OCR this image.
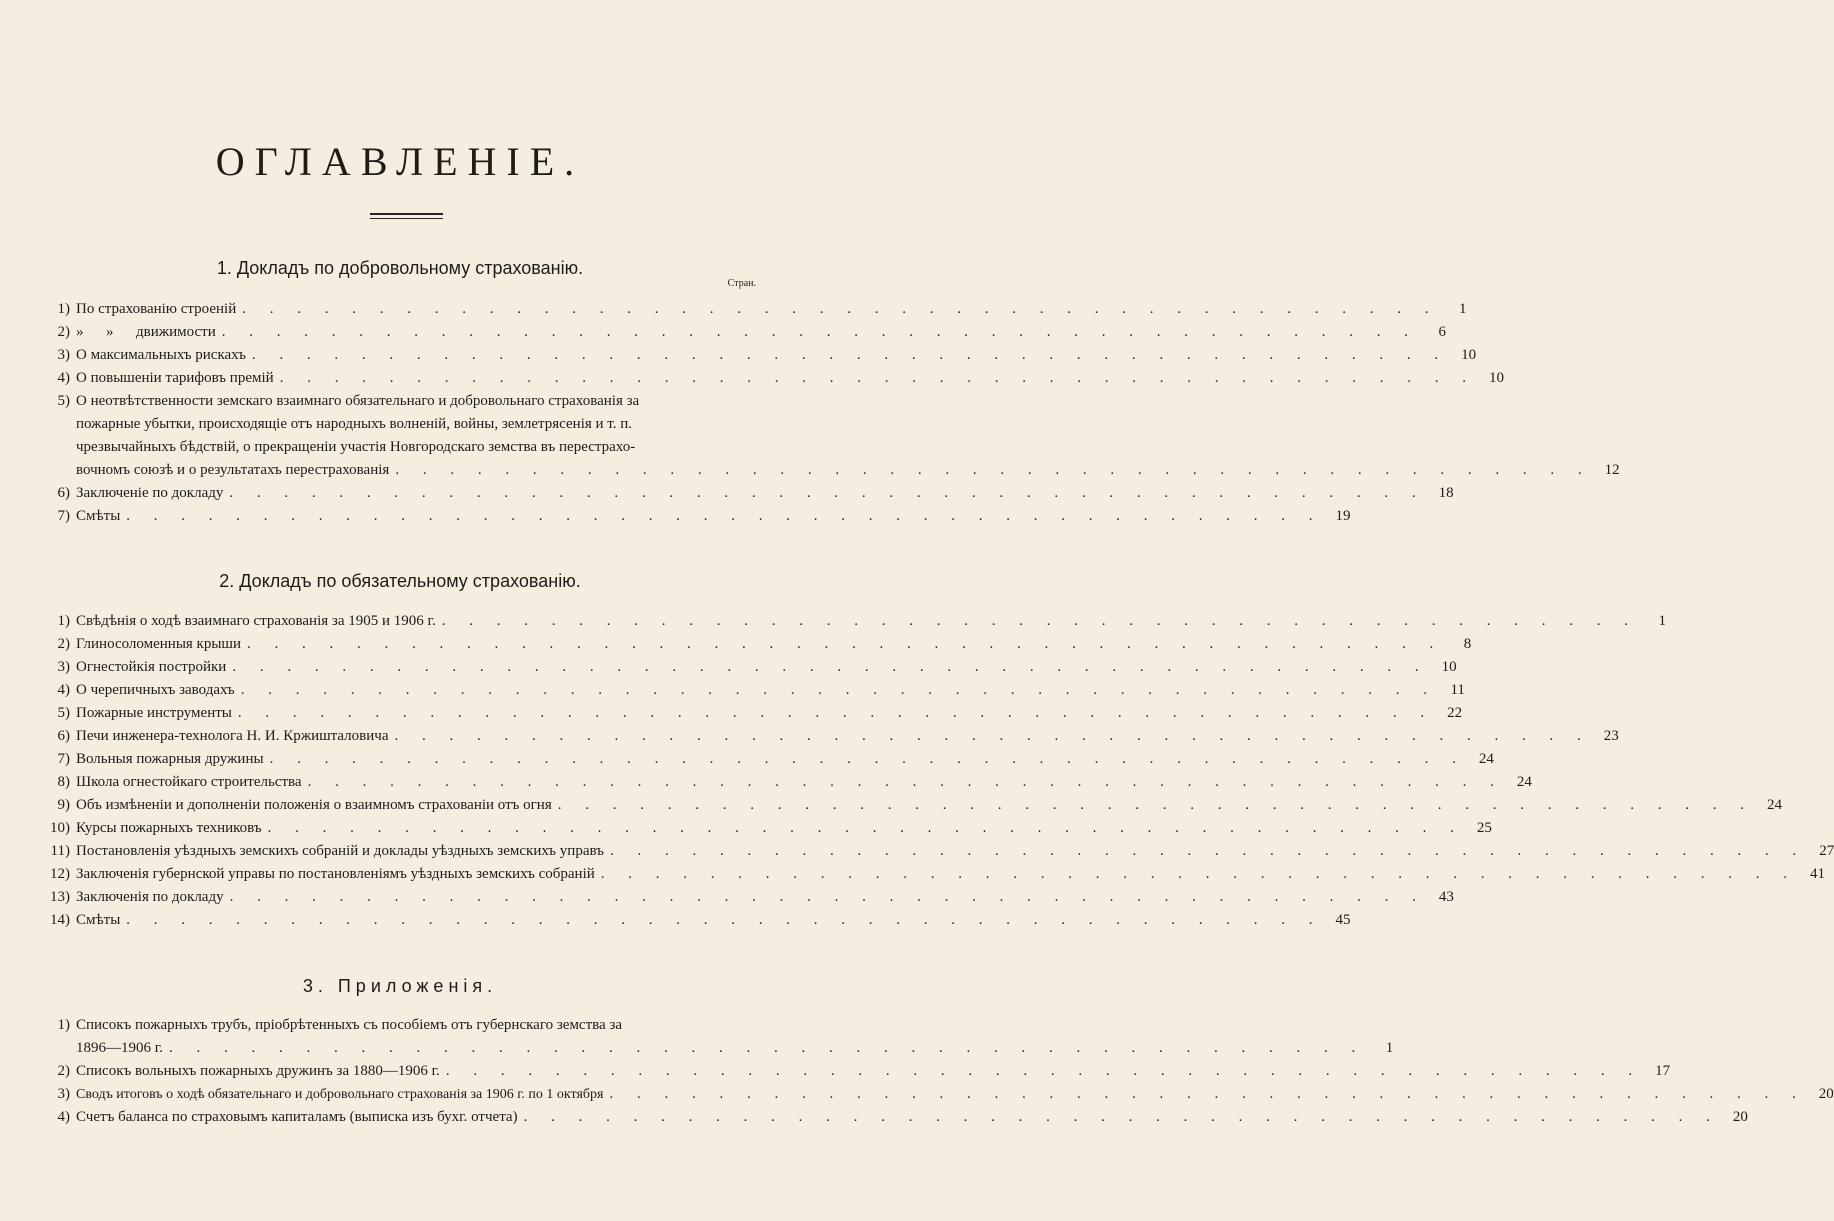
ОГЛАВЛЕНІЕ.
1. Докладъ по добровольному страхованію.
Стран.
1) По страхованію строеній . . . . . . . . . . . . . . . . . . . . . . . . . . . . . . . . . . . . . . . . . . . .	1
2) »      »      движимости . . . . . . . . . . . . . . . . . . . . . . . . . . . . . . . . . . . . . . . . . . . .	6
3) О максимальныхъ рискахъ . . . . . . . . . . . . . . . . . . . . . . . . . . . . . . . . . . . . . . . . . . . . 10
4) О повышеніи тарифовъ премій . . . . . . . . . . . . . . . . . . . . . . . . . . . . . . . . . . . . . . . . . . . . 10
5) О неотвѣтственности земскаго взаимнаго обязательнаго и добровольнаго страхованія за
пожарные убытки, происходящіе отъ народныхъ волненій, войны, землетрясенія и т. п.
чрезвычайныхъ бѣдствій, о прекращеніи участія Новгородскаго земства въ перестрахо-
вочномъ союзѣ и о результатахъ перестрахованія . . . . . . . . . . . . . . . . . . . . . . . . . . . . . . . . . . . . . . . . . . . . 12
6) Заключеніе по докладу . . . . . . . . . . . . . . . . . . . . . . . . . . . . . . . . . . . . . . . . . . . . 18
7) Смѣты . . . . . . . . . . . . . . . . . . . . . . . . . . . . . . . . . . . . . . . . . . . . 19
2. Докладъ по обязательному страхованію.
1) Свѣдѣнія о ходѣ взаимнаго страхованія за 1905 и 1906 г. . . . . . . . . . . . . . . . . . . . . . . . . . . . . . . . . . . . . . . . . . . . .	1
2) Глиносоломенныя крыши . . . . . . . . . . . . . . . . . . . . . . . . . . . . . . . . . . . . . . . . . . . .	8
3) Огнестойкія постройки . . . . . . . . . . . . . . . . . . . . . . . . . . . . . . . . . . . . . . . . . . . . 10
4) О черепичныхъ заводахъ . . . . . . . . . . . . . . . . . . . . . . . . . . . . . . . . . . . . . . . . . . . . 11
5) Пожарные инструменты . . . . . . . . . . . . . . . . . . . . . . . . . . . . . . . . . . . . . . . . . . . . 22
6) Печи инженера-технолога Н. И. Кржишталовича . . . . . . . . . . . . . . . . . . . . . . . . . . . . . . . . . . . . . . . . . . . . 23
7) Вольныя пожарныя дружины . . . . . . . . . . . . . . . . . . . . . . . . . . . . . . . . . . . . . . . . . . . . 24
8) Школа огнестойкаго строительства . . . . . . . . . . . . . . . . . . . . . . . . . . . . . . . . . . . . . . . . . . . . 24
9) Объ измѣненіи и дополненіи положенія о взаимномъ страхованіи отъ огня . . . . . . . . . . . . . . . . . . . . . . . . . . . . . . . . . . . . . . . . . . . . 24
10) Курсы пожарныхъ техниковъ . . . . . . . . . . . . . . . . . . . . . . . . . . . . . . . . . . . . . . . . . . . . 25
11) Постановленія уѣздныхъ земскихъ собраній и доклады уѣздныхъ земскихъ управъ . . . . . . . . . . . . . . . . . . . . . . . . . . . . . . . . . . . . . . . . . . . . 27
12) Заключенія губернской управы по постановленіямъ уѣздныхъ земскихъ собраній . . . . . . . . . . . . . . . . . . . . . . . . . . . . . . . . . . . . . . . . . . . . 41
13) Заключенія по докладу . . . . . . . . . . . . . . . . . . . . . . . . . . . . . . . . . . . . . . . . . . . . 43
14) Смѣты . . . . . . . . . . . . . . . . . . . . . . . . . . . . . . . . . . . . . . . . . . . . 45
3. Приложенія.
1) Списокъ пожарныхъ трубъ, пріобрѣтенныхъ съ пособіемъ отъ губернскаго земства за
1896—1906 г. . . . . . . . . . . . . . . . . . . . . . . . . . . . . . . . . . . . . . . . . . . . .	1
2) Списокъ вольныхъ пожарныхъ дружинъ за 1880—1906 г. . . . . . . . . . . . . . . . . . . . . . . . . . . . . . . . . . . . . . . . . . . . . 17
3) Сводъ итоговъ о ходѣ обязательнаго и добровольнаго страхованія за 1906 г. по 1 октября . . . . . . . . . . . . . . . . . . . . . . . . . . . . . . . . . . . . . . . . . . . . 20
4) Счетъ баланса по страховымъ капиталамъ (выписка изъ бухг. отчета) . . . . . . . . . . . . . . . . . . . . . . . . . . . . . . . . . . . . . . . . . . . . 20
